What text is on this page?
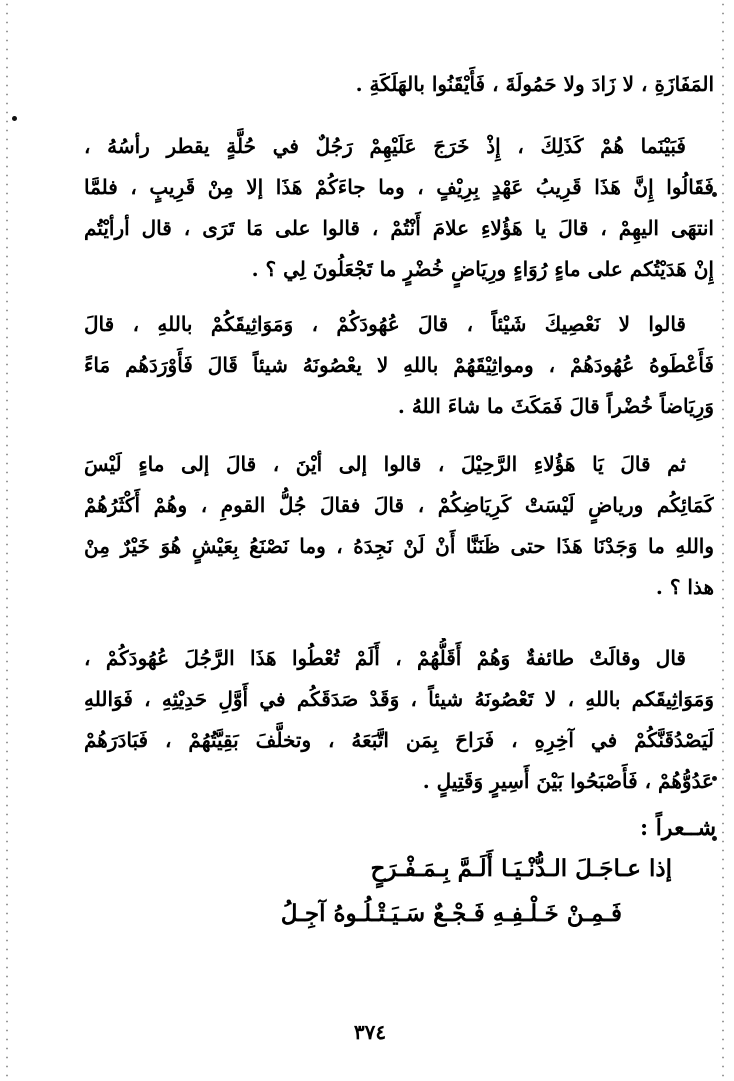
المَفَازَةِ ، لا زَادَ ولا حَمُولَةَ ، فَأَيْقَنُوا بالهَلَكَةِ .
فَبَيْنَما هُمْ كَذَلِكَ ، إِذْ خَرَجَ عَلَيْهِمْ رَجُلٌ في حُلَّةٍ يقطر رأسُهُ ،
فَقَالُوا إِنَّ هَذَا قَرِيبُ عَهْدٍ بِرِيْفٍ ، وما جاءَكُمْ هَذَا إلا مِنْ قَرِيبٍ ، فلمَّا
انتهَى اليهِمْ ، قالَ يا هَؤُلاءِ علامَ أَنْتُمْ ، قالوا على مَا تَرَى ، قال أرأيْتُم
إِنْ هَدَيْتُكم على ماءٍ رُوَاءٍ ورِيَاضٍ خُضْرٍ ما تَجْعَلُونَ لِي ؟ .
قالوا لا نَعْصِيكَ شَيْئاً ، قالَ عُهُودَكُمْ ، وَمَوَاثِيقَكُمْ باللهِ ، قالَ
فَأَعْطَوهُ عُهُودَهُمْ ، ومواثِيْقَهُمْ باللهِ لا يعْصُونَهُ شيئاً قَالَ فَأَوْرَدَهُم مَاءً
وَرِيَاضاً خُضْراً قالَ فَمَكَثَ ما شاءَ اللهُ .
ثم قالَ يَا هَؤُلاءِ الرَّحِيْلَ ، قالوا إلى أيْنَ ، قالَ إلى ماءٍ لَيْسَ
كَمَائِكُم ورياضٍ لَيْسَتْ كَرِيَاضِكُمْ ، قالَ فقالَ جُلُّ القومِ ، وهُمْ أَكْثَرُهُمْ
واللهِ ما وَجَدْنَا هَذَا حتى ظَنَنَّا أَنْ لَنْ نَجِدَهُ ، وما نَصْنَعُ بِعَيْشٍ هُوَ خَيْرٌ مِنْ
هذا ؟ .
قال وقالَتْ طائفةٌ وَهُمْ أَقَلُّهُمْ ، أَلَمْ تُعْطُوا هَذَا الرَّجُلَ عُهُودَكُمْ ،
وَمَوَاثِيقَكم باللهِ ، لا تَعْصُونَهُ شيئاً ، وَقَدْ صَدَقَكُم في أَوَّلِ حَدِيْثِهِ ، فَوَاللهِ
لَيَصْدُقَنَّكُمْ في آخِرِهِ ، فَرَاحَ بِمَن اتَّبَعَهُ ، وتخلَّفَ بَقِيَّتُهُمْ ، فَبَادَرَهُمْ
عَدُوُّهُمْ ، فَأَصْبَحُوا بَيْنَ أَسِيرٍ وَقَتِيلٍ .
شــعراً :
إذا عـاجَـلَ الـدُّنْـيَـا أَلَـمَّ بِـمَـفْـرَحٍ
فَـمِـنْ خَـلْـفِـهِ فَـجْـعٌ سَـيَـتْـلُـوهُ آجِـلُ
٣٧٤
